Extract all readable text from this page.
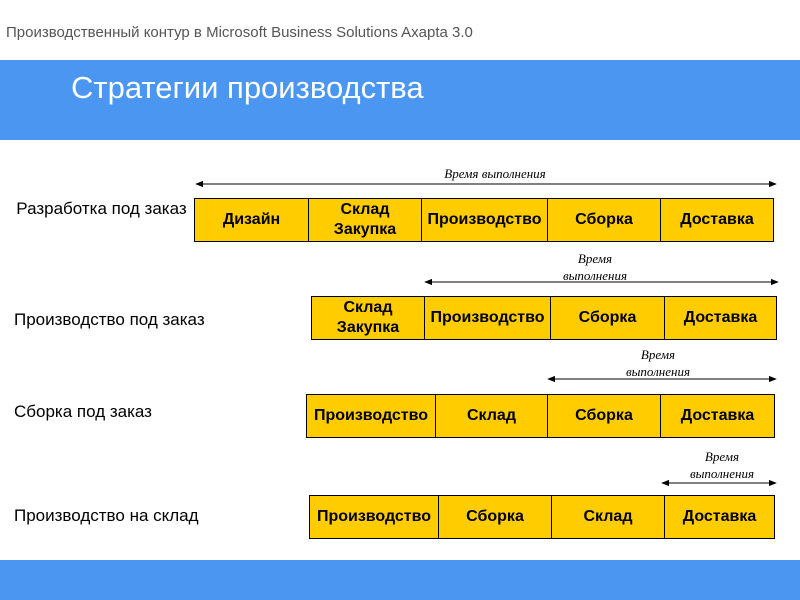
Производственный контур в Microsoft Business Solutions Axapta 3.0
Стратегии производства
Разработка под заказ
Время выполнения
Дизайн
Склад
Закупка
Производство	Сборка	Доставка
Производство под заказ
Время выполнения
Склад
Закупка
Производство	Сборка	Доставка
Сборка под заказ
Время выполнения
Производство	Склад	Сборка	Доставка
Производство на склад
Время выполнения
Производство	Сборка	Склад	Доставка
